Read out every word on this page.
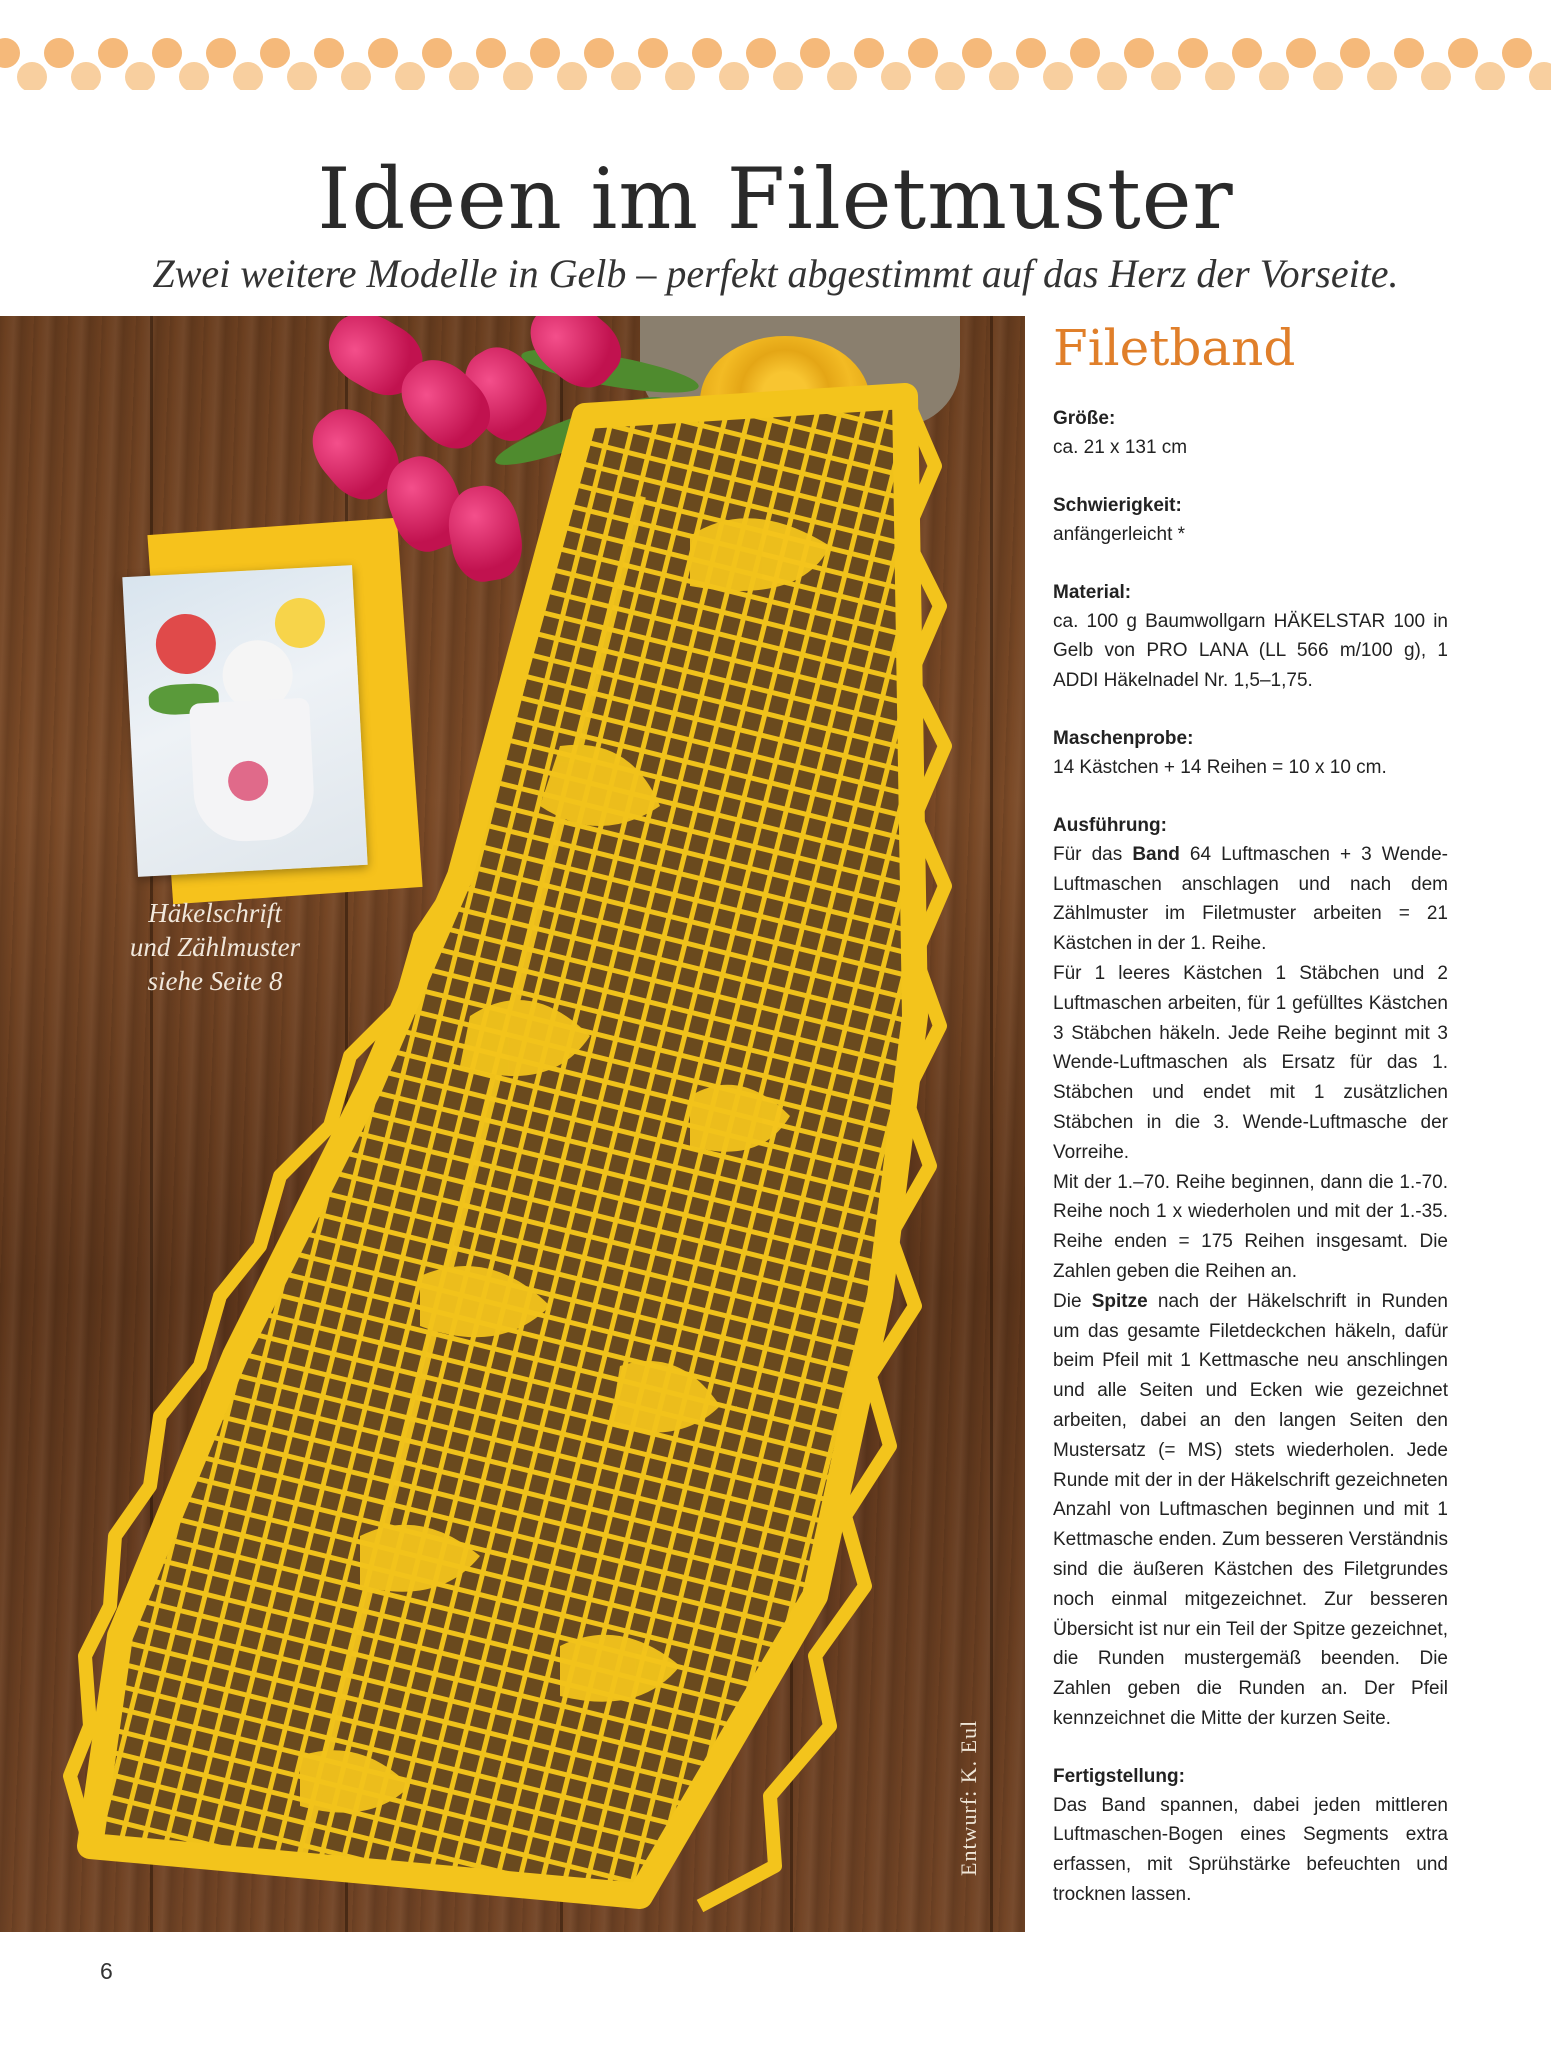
Ideen im Filetmuster

Zwei weitere Modelle in Gelb – perfekt abgestimmt auf das Herz der Vorseite.

Häkelschrift
und Zählmuster
siehe Seite 8
Entwurf: K. Eul
Filetband

Größe:

ca. 21 x 131 cm

Schwierigkeit:

anfängerleicht *

Material:

ca. 100 g Baumwollgarn HÄKELSTAR 100 in Gelb von PRO LANA (LL 566 m/100 g), 1 ADDI Häkelnadel Nr. 1,5–1,75.

Maschenprobe:

14 Kästchen + 14 Reihen = 10 x 10 cm.

Ausführung:

Für das Band 64 Luftmaschen + 3 Wende-Luftmaschen anschlagen und nach dem Zählmuster im Filetmuster arbeiten = 21 Kästchen in der 1. Reihe.

Für 1 leeres Kästchen 1 Stäbchen und 2 Luftmaschen arbeiten, für 1 gefülltes Kästchen 3 Stäbchen häkeln. Jede Reihe beginnt mit 3 Wende-Luftmaschen als Ersatz für das 1. Stäbchen und endet mit 1 zusätzlichen Stäbchen in die 3. Wende-Luftmasche der Vorreihe.

Mit der 1.–70. Reihe beginnen, dann die 1.-70. Reihe noch 1 x wiederholen und mit der 1.-35. Reihe enden = 175 Reihen insgesamt. Die Zahlen geben die Reihen an.

Die Spitze nach der Häkelschrift in Runden um das gesamte Filetdeckchen häkeln, dafür beim Pfeil mit 1 Kettmasche neu anschlingen und alle Seiten und Ecken wie gezeichnet arbeiten, dabei an den langen Seiten den Mustersatz (= MS) stets wiederholen. Jede Runde mit der in der Häkelschrift gezeichneten Anzahl von Luftmaschen beginnen und mit 1 Kettmasche enden. Zum besseren Verständnis sind die äußeren Kästchen des Filetgrundes noch einmal mitgezeichnet. Zur besseren Übersicht ist nur ein Teil der Spitze gezeichnet, die Runden mustergemäß beenden. Die Zahlen geben die Runden an. Der Pfeil kennzeichnet die Mitte der kurzen Seite.

Fertigstellung:

Das Band spannen, dabei jeden mittleren Luftmaschen-Bogen eines Segments extra erfassen, mit Sprühstärke befeuchten und trocknen lassen.

6
